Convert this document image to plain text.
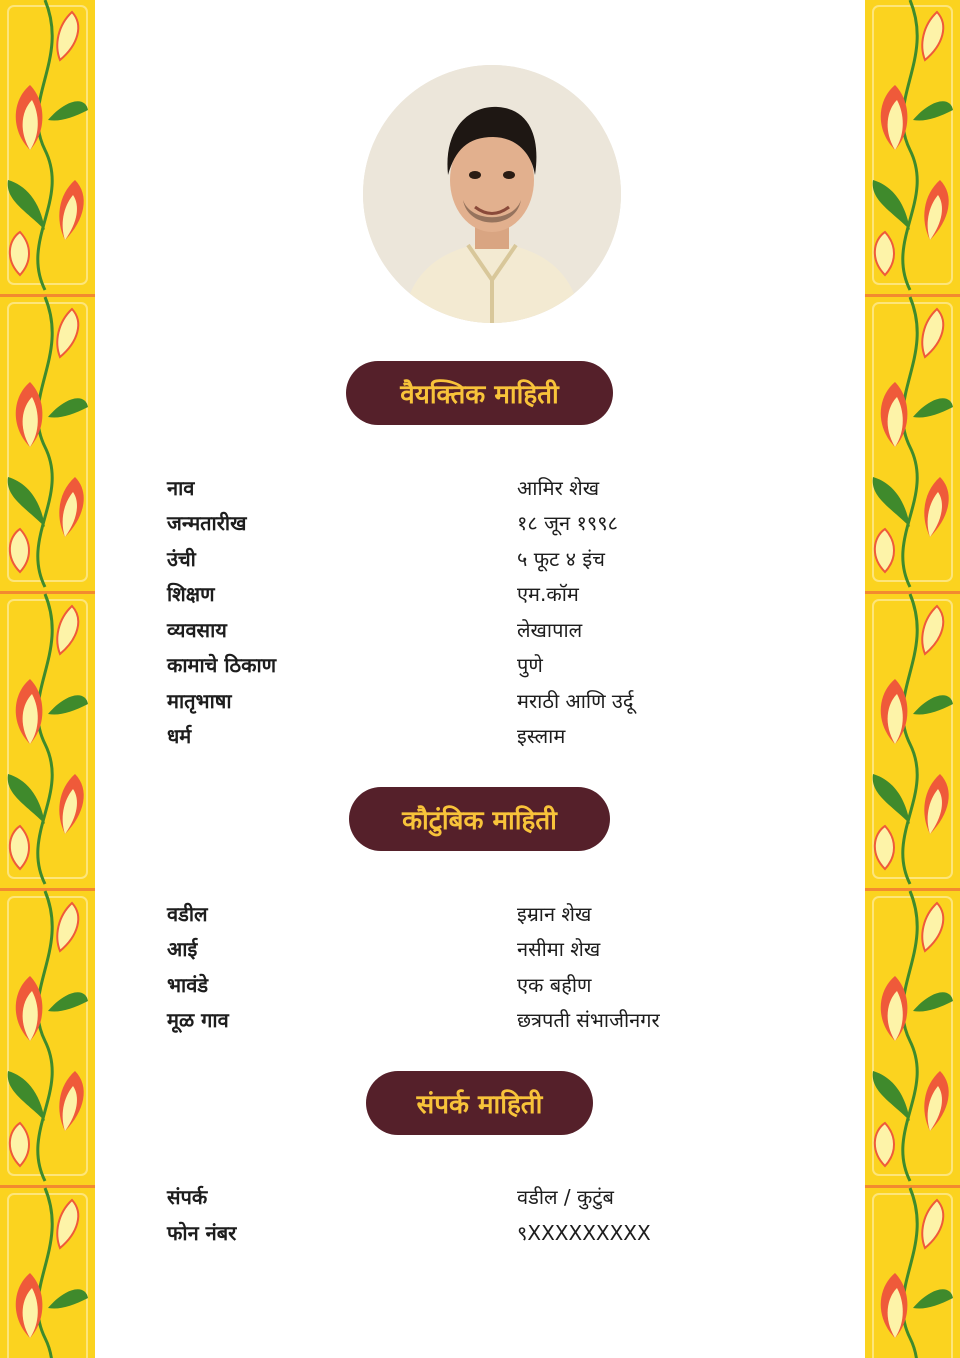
वैयक्तिक माहिती
नाव	आमिर शेख
जन्मतारीख	१८ जून १९९८
उंची	५ फूट ४ इंच
शिक्षण	एम.कॉम
व्यवसाय	लेखापाल
कामाचे ठिकाण	पुणे
मातृभाषा	मराठी आणि उर्दू
धर्म	इस्लाम
कौटुंबिक माहिती
वडील	इम्रान शेख
आई	नसीमा शेख
भावंडे	एक बहीण
मूळ गाव	छत्रपती संभाजीनगर
संपर्क माहिती
संपर्क	वडील / कुटुंब
फोन नंबर	९XXXXXXXXX
